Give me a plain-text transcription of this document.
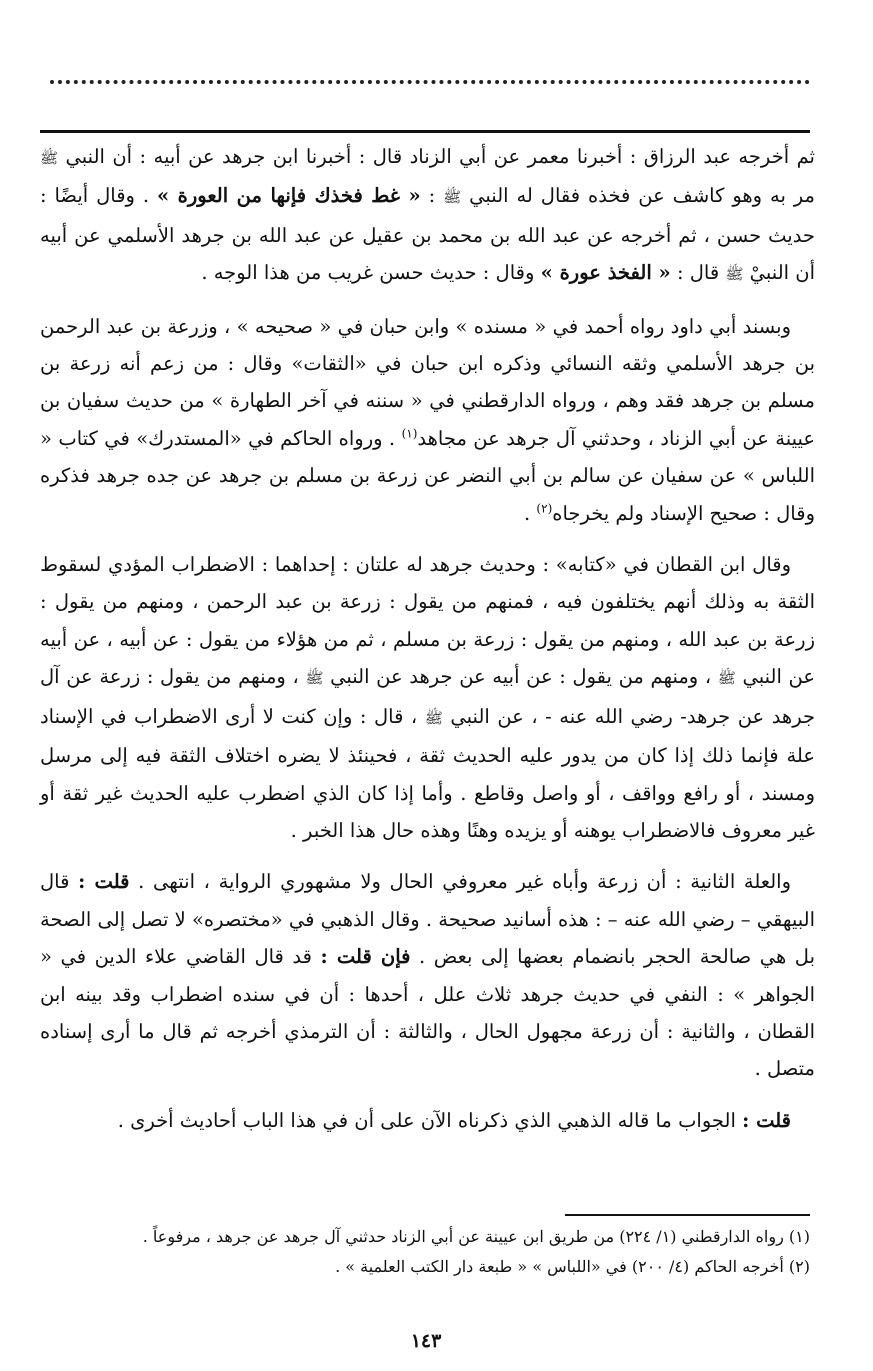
ثم أخرجه عبد الرزاق : أخبرنا معمر عن أبي الزناد قال : أخبرنا ابن جرهد عن أبيه : أن النبي ﷺ مر به وهو كاشف عن فخذه فقال له النبي ﷺ : « غط فخذك فإنها من العورة » . وقال أيضًا : حديث حسن ، ثم أخرجه عن عبد الله بن محمد بن عقيل عن عبد الله بن جرهد الأسلمي عن أبيه أن النبيْ ﷺ قال : « الفخذ عورة » وقال : حديث حسن غريب من هذا الوجه .

وبسند أبي داود رواه أحمد في « مسنده » وابن حبان في « صحيحه » ، وزرعة بن عبد الرحمن بن جرهد الأسلمي وثقه النسائي وذكره ابن حبان في «الثقات» وقال : من زعم أنه زرعة بن مسلم بن جرهد فقد وهم ، ورواه الدارقطني في « سننه في آخر الطهارة » من حديث سفيان بن عيينة عن أبي الزناد ، وحدثني آل جرهد عن مجاهد$^{(١)}$ . ورواه الحاكم في «المستدرك» في كتاب « اللباس » عن سفيان عن سالم بن أبي النضر عن زرعة بن مسلم بن جرهد عن جده جرهد فذكره وقال : صحيح الإسناد ولم يخرجاه$^{(٢)}$ .

وقال ابن القطان في «كتابه» : وحديث جرهد له علتان : إحداهما : الاضطراب المؤدي لسقوط الثقة به وذلك أنهم يختلفون فيه ، فمنهم من يقول : زرعة بن عبد الرحمن ، ومنهم من يقول : زرعة بن عبد الله ، ومنهم من يقول : زرعة بن مسلم ، ثم من هؤلاء من يقول : عن أبيه ، عن أبيه عن النبي ﷺ ، ومنهم من يقول : عن أبيه عن جرهد عن النبي ﷺ ، ومنهم من يقول : زرعة عن آل جرهد عن جرهد- رضي الله عنه - ، عن النبي ﷺ ، قال : وإن كنت لا أرى الاضطراب في الإسناد علة فإنما ذلك إذا كان من يدور عليه الحديث ثقة ، فحينئذ لا يضره اختلاف الثقة فيه إلى مرسل ومسند ، أو رافع وواقف ، أو واصل وقاطع . وأما إذا كان الذي اضطرب عليه الحديث غير ثقة أو غير معروف فالاضطراب يوهنه أو يزيده وهنًا وهذه حال هذا الخبر .

والعلة الثانية : أن زرعة وأباه غير معروفي الحال ولا مشهوري الرواية ، انتهى . قلت : قال البيهقي – رضي الله عنه – : هذه أسانيد صحيحة . وقال الذهبي في «مختصره» لا تصل إلى الصحة بل هي صالحة الحجر بانضمام بعضها إلى بعض . فإن قلت : قد قال القاضي علاء الدين في « الجواهر » : النفي في حديث جرهد ثلاث علل ، أحدها : أن في سنده اضطراب وقد بينه ابن القطان ، والثانية : أن زرعة مجهول الحال ، والثالثة : أن الترمذي أخرجه ثم قال ما أرى إسناده متصل .

قلت : الجواب ما قاله الذهبي الذي ذكرناه الآن على أن في هذا الباب أحاديث أخرى .

(١) رواه الدارقطني (١/ ٢٢٤) من طريق ابن عيينة عن أبي الزناد حدثني آل جرهد عن جرهد ، مرفوعاً .
(٢) أخرجه الحاكم (٤/ ٢٠٠) في «اللباس » « طبعة دار الكتب العلمية » .
١٤٣
